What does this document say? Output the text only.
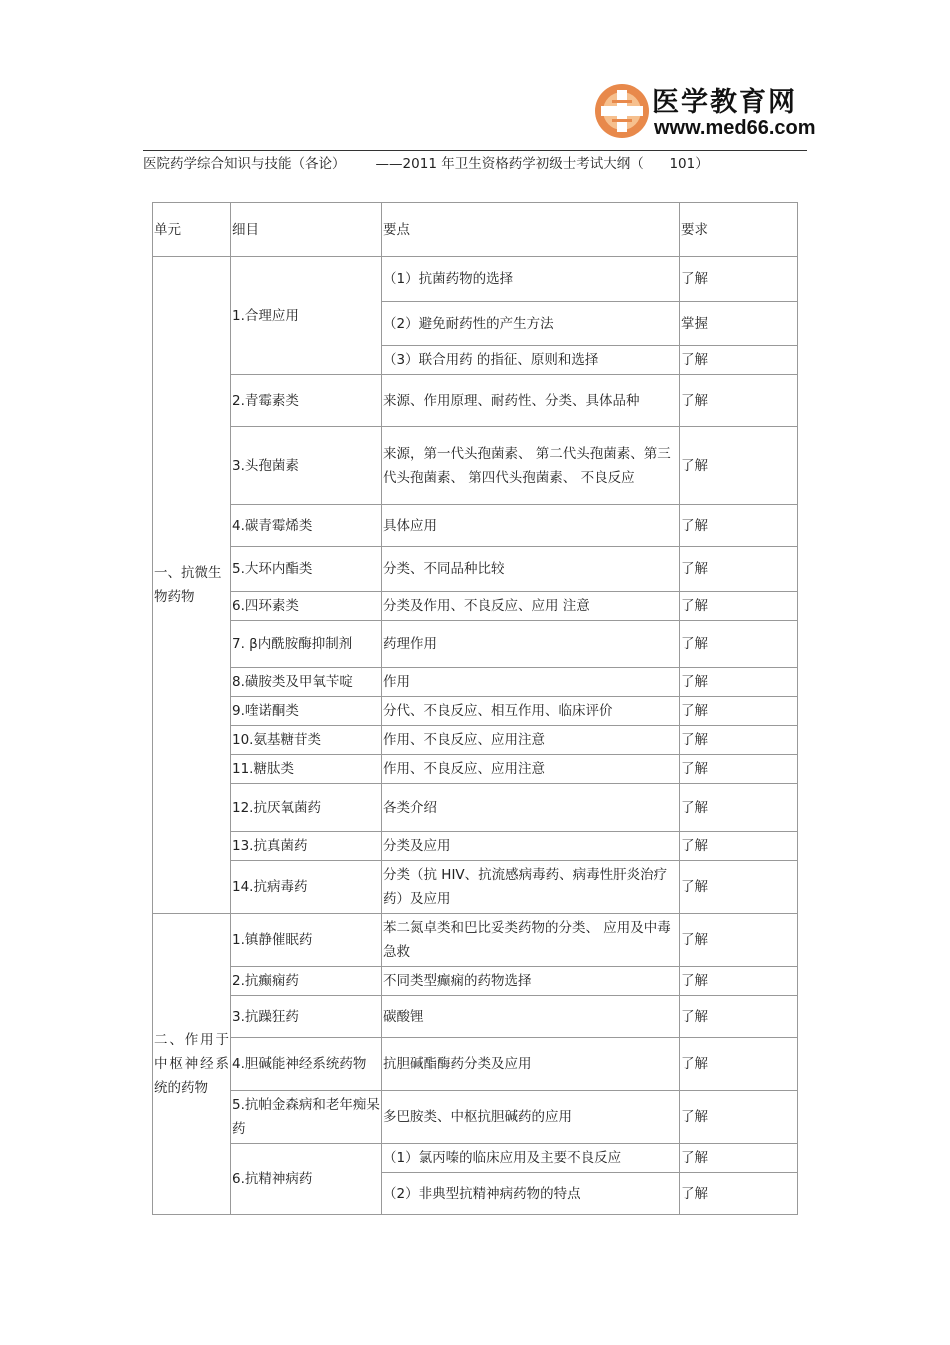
医学教育网
www.med66.com
医院药学综合知识与技能（各论） ——2011 年卫生资格药学初级士考试大纲（      101）
单元	细目	要点	要求
一、抗微生物药物	1.合理应用	（1）抗菌药物的选择	了解
		（2）避免耐药性的产生方法	掌握
		（3）联合用药 的指征、原则和选择	了解
	2.青霉素类	来源、作用原理、耐药性、分类、具体品种	了解
	3.头孢菌素	来源，第一代头孢菌素、 第二代头孢菌素、第三代头孢菌素、 第四代头孢菌素、 不良反应	了解
	4.碳青霉烯类	具体应用	了解
	5.大环内酯类	分类、不同品种比较	了解
	6.四环素类	分类及作用、不良反应、应用 注意	了解
	7. β内酰胺酶抑制剂	药理作用	了解
	8.磺胺类及甲氧苄啶	作用	了解
	9.喹诺酮类	分代、不良反应、相互作用、临床评价	了解
	10.氨基糖苷类	作用、不良反应、应用注意	了解
	11.糖肽类	作用、不良反应、应用注意	了解
	12.抗厌氧菌药	各类介绍	了解
	13.抗真菌药	分类及应用	了解
	14.抗病毒药	分类（抗 HIV、抗流感病毒药、病毒性肝炎治疗药）及应用	了解
二、作用于中枢神经系统的药物	1.镇静催眠药	苯二氮卓类和巴比妥类药物的分类、 应用及中毒急救	了解
	2.抗癫痫药	不同类型癫痫的药物选择	了解
	3.抗躁狂药	碳酸锂	了解
	4.胆碱能神经系统药物	抗胆碱酯酶药分类及应用	了解
	5.抗帕金森病和老年痴呆药	多巴胺类、中枢抗胆碱药的应用	了解
	6.抗精神病药	（1）氯丙嗪的临床应用及主要不良反应	了解
		（2）非典型抗精神病药物的特点	了解
